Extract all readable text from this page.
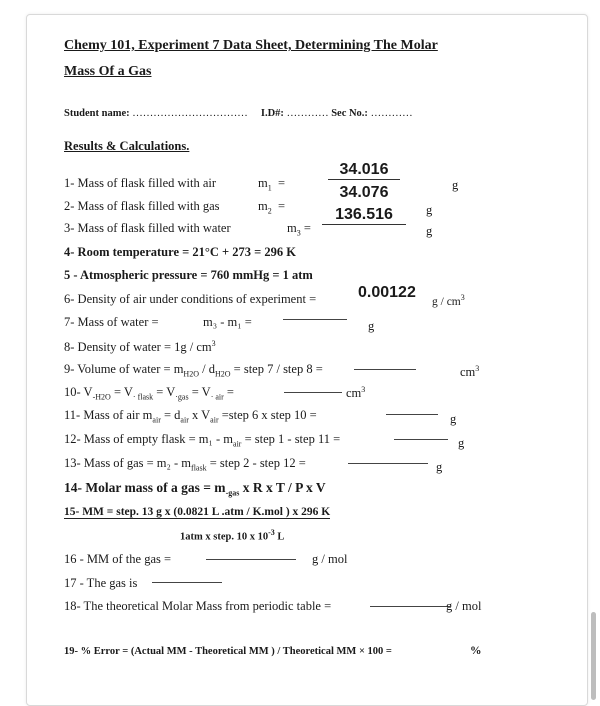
Chemy 101, Experiment 7 Data Sheet, Determining The Molar
Mass Of a Gas
Student name: …………………………… I.D#: ………… Sec No.: …………
Results & Calculations.
1- Mass of flask filled with air	$m_1$  =
34.016
g
2- Mass of flask filled with gas	$m_2$  =
34.076
g
3- Mass of flask filled with water	$m_3$ =
136.516
g
4- Room temperature = 21°C + 273 = 296 K
5 - Atmospheric pressure = 760 mmHg = 1 atm
6- Density of air under conditions of experiment =	0.00122
g / $cm^3$
7- Mass of water =	m₃ - m₁ =	g
8- Density of water = $1g / cm^3$
9- Volume of water = $m_{H2O} / d_{H2O}$ = step 7 / step 8 =	$cm^3$
10- $V_{-H2O} = V_{\cdot flask} = V_{\cdot gas} = V_{\cdot air}$ =	$cm^3$
11- Mass of air $m_{air} = d_{air}$ x $V_{air}$ =step 6 x step 10 =	g
12- Mass of empty flask = $m_1 - m_{air}$ = step 1 - step 11 =	g
13- Mass of gas = $m_2 - m_{flask}$ = step 2 - step 12 =	g
14- Molar mass of a gas = $m_{-gas}$ x R x T / P x V
15- MM = step. 13 g x (0.0821 L .atm / K.mol ) x 296 K
1atm x step. 10 x $10^{-3}$ L
16 - MM of the gas =	g / mol
17 - The gas is
18- The theoretical Molar Mass from periodic table =	g / mol
19- % Error = (Actual MM - Theoretical MM ) / Theoretical MM × 100 =	%
